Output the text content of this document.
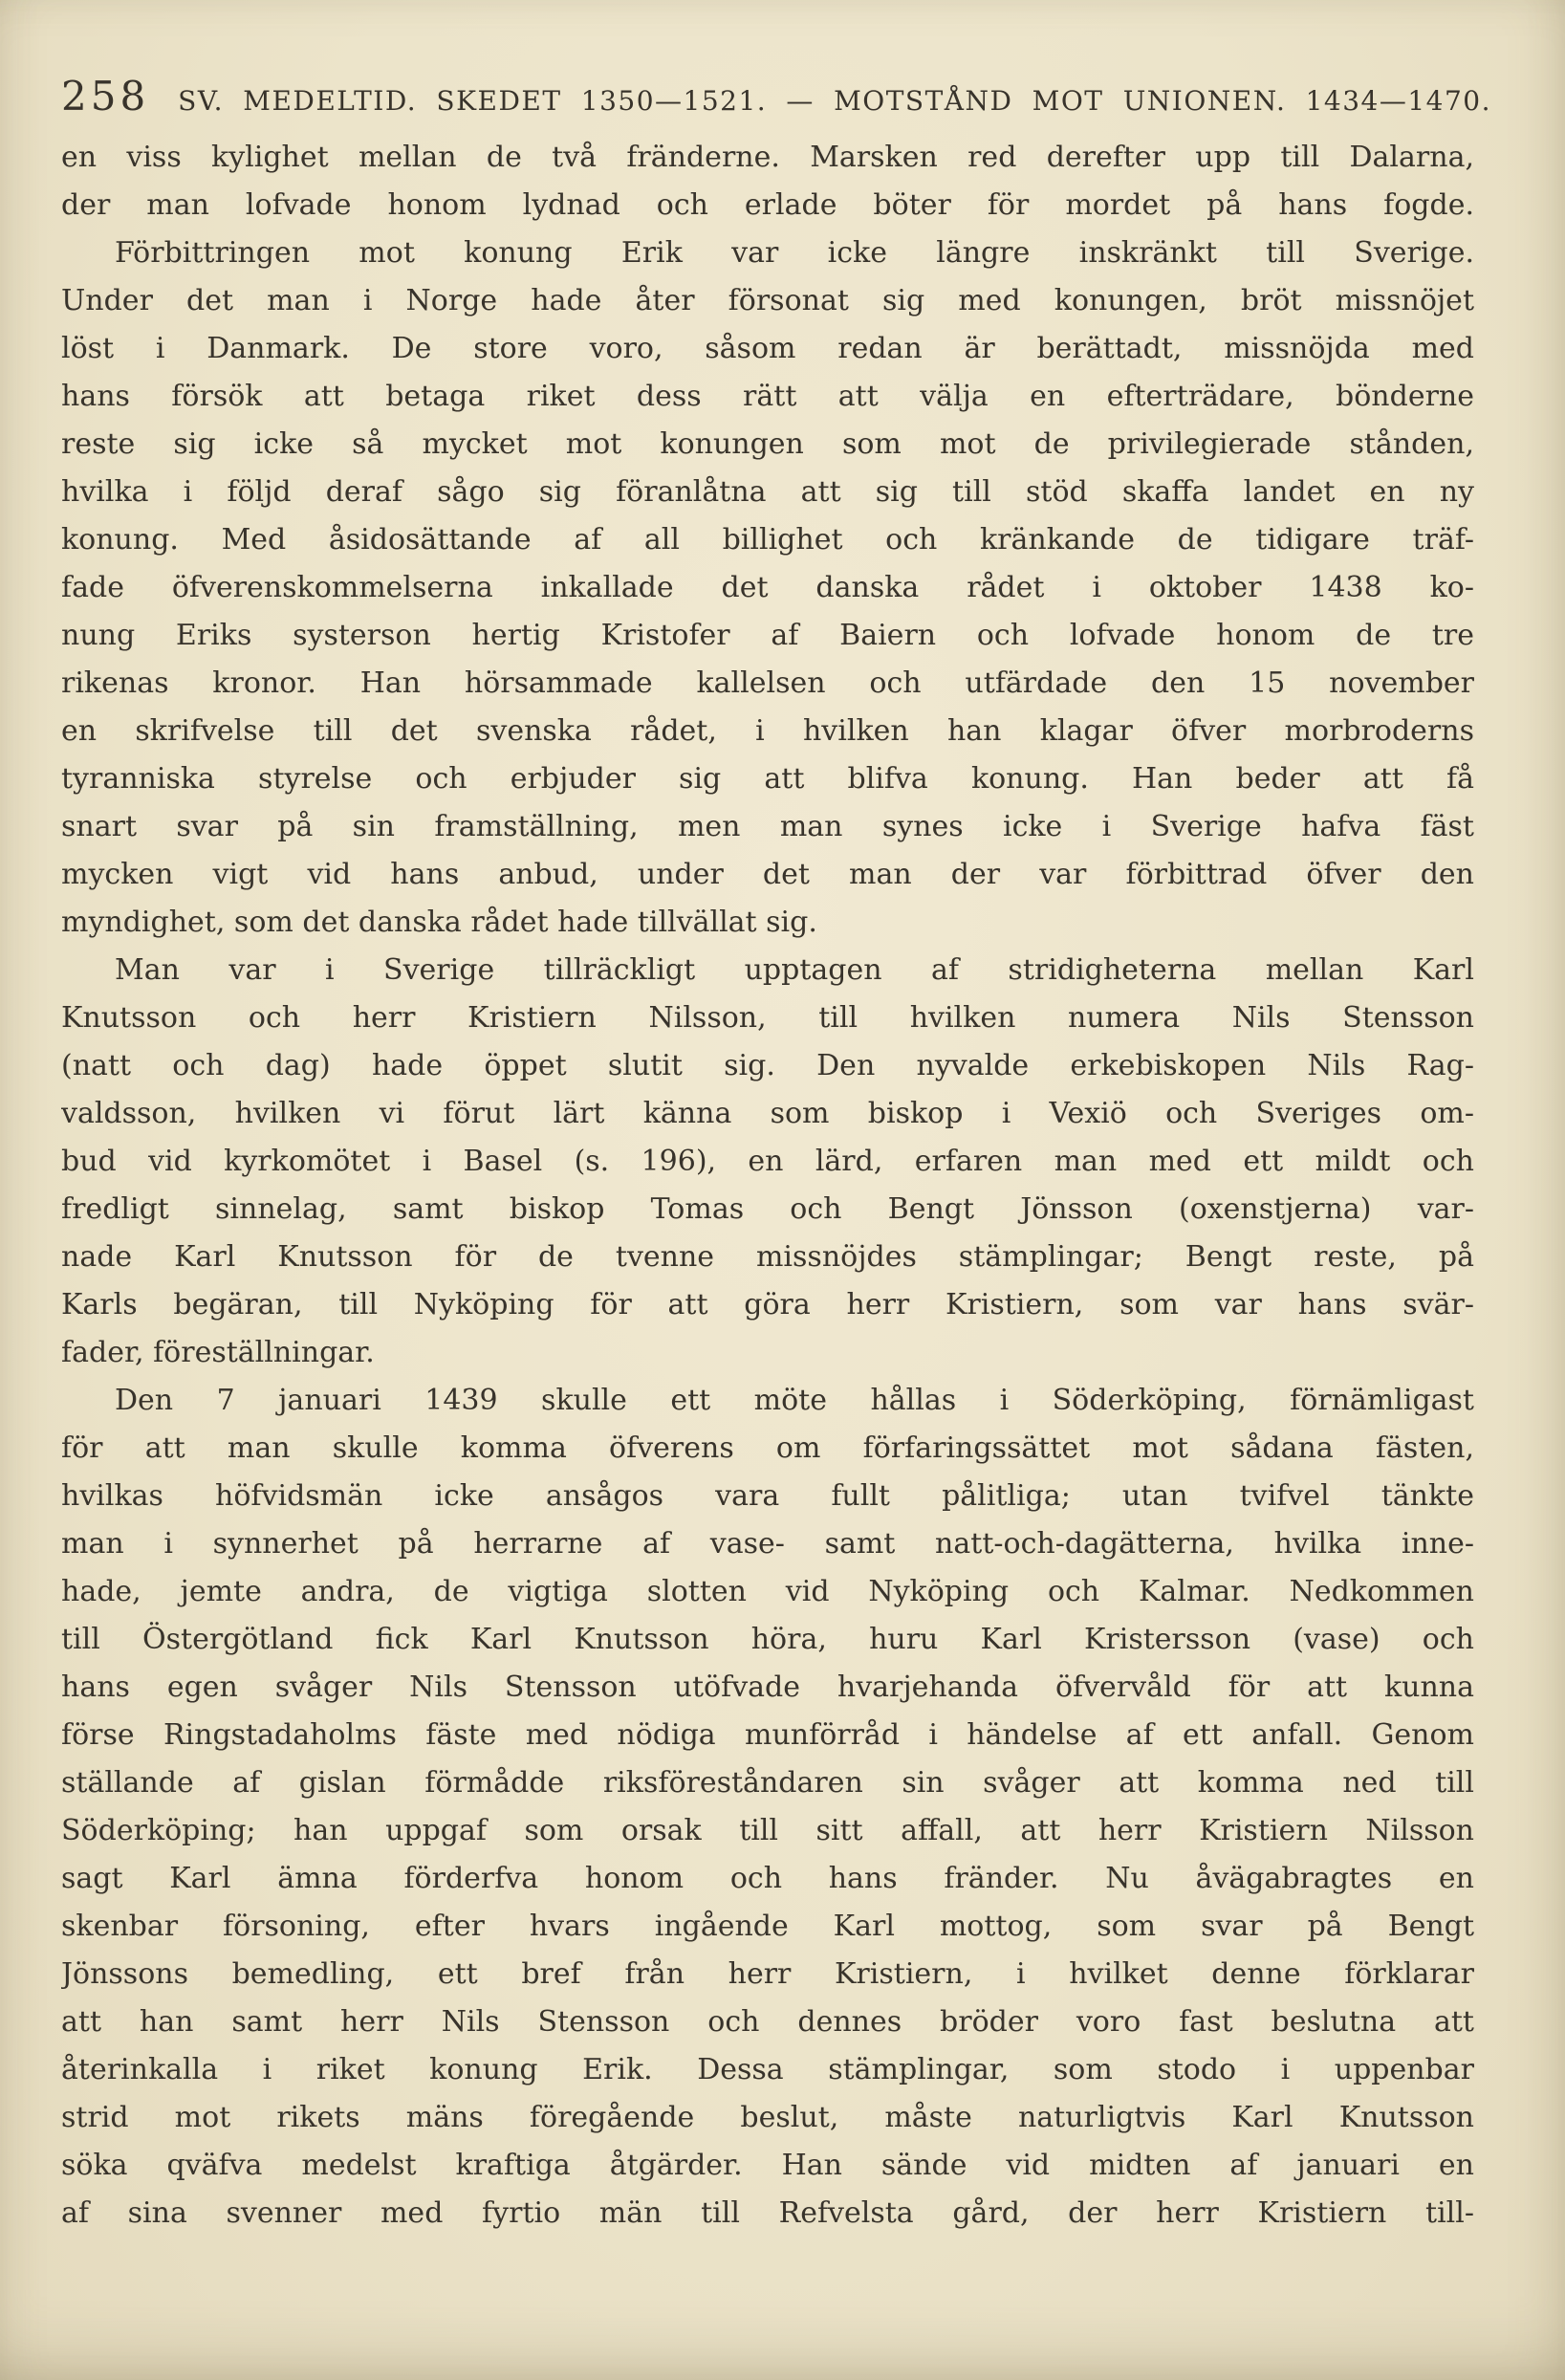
258 SV. MEDELTID. SKEDET 1350—1521. — MOTSTÅND MOT UNIONEN. 1434—1470.
en viss kylighet mellan de två fränderne. Marsken red derefter upp till Dalarna,
der man lofvade honom lydnad och erlade böter för mordet på hans fogde.
Förbittringen mot konung Erik var icke längre inskränkt till Sverige.
Under det man i Norge hade åter försonat sig med konungen, bröt missnöjet
löst i Danmark. De store voro, såsom redan är berättadt, missnöjda med
hans försök att betaga riket dess rätt att välja en efterträdare, bönderne
reste sig icke så mycket mot konungen som mot de privilegierade stånden,
hvilka i följd deraf sågo sig föranlåtna att sig till stöd skaffa landet en ny
konung. Med åsidosättande af all billighet och kränkande de tidigare träf-
fade öfverenskommelserna inkallade det danska rådet i oktober 1438 ko-
nung Eriks systerson hertig Kristofer af Baiern och lofvade honom de tre
rikenas kronor. Han hörsammade kallelsen och utfärdade den 15 november
en skrifvelse till det svenska rådet, i hvilken han klagar öfver morbroderns
tyranniska styrelse och erbjuder sig att blifva konung. Han beder att få
snart svar på sin framställning, men man synes icke i Sverige hafva fäst
mycken vigt vid hans anbud, under det man der var förbittrad öfver den
myndighet, som det danska rådet hade tillvällat sig.
Man var i Sverige tillräckligt upptagen af stridigheterna mellan Karl
Knutsson och herr Kristiern Nilsson, till hvilken numera Nils Stensson
(natt och dag) hade öppet slutit sig. Den nyvalde erkebiskopen Nils Rag-
valdsson, hvilken vi förut lärt känna som biskop i Vexiö och Sveriges om-
bud vid kyrkomötet i Basel (s. 196), en lärd, erfaren man med ett mildt och
fredligt sinnelag, samt biskop Tomas och Bengt Jönsson (oxenstjerna) var-
nade Karl Knutsson för de tvenne missnöjdes stämplingar; Bengt reste, på
Karls begäran, till Nyköping för att göra herr Kristiern, som var hans svär-
fader, föreställningar.
Den 7 januari 1439 skulle ett möte hållas i Söderköping, förnämligast
för att man skulle komma öfverens om förfaringssättet mot sådana fästen,
hvilkas höfvidsmän icke ansågos vara fullt pålitliga; utan tvifvel tänkte
man i synnerhet på herrarne af vase- samt natt-och-dagätterna, hvilka inne-
hade, jemte andra, de vigtiga slotten vid Nyköping och Kalmar. Nedkommen
till Östergötland fick Karl Knutsson höra, huru Karl Kristersson (vase) och
hans egen svåger Nils Stensson utöfvade hvarjehanda öfvervåld för att kunna
förse Ringstadaholms fäste med nödiga munförråd i händelse af ett anfall. Genom
ställande af gislan förmådde riksföreståndaren sin svåger att komma ned till
Söderköping; han uppgaf som orsak till sitt affall, att herr Kristiern Nilsson
sagt Karl ämna förderfva honom och hans fränder. Nu åvägabragtes en
skenbar försoning, efter hvars ingående Karl mottog, som svar på Bengt
Jönssons bemedling, ett bref från herr Kristiern, i hvilket denne förklarar
att han samt herr Nils Stensson och dennes bröder voro fast beslutna att
återinkalla i riket konung Erik. Dessa stämplingar, som stodo i uppenbar
strid mot rikets mäns föregående beslut, måste naturligtvis Karl Knutsson
söka qväfva medelst kraftiga åtgärder. Han sände vid midten af januari en
af sina svenner med fyrtio män till Refvelsta gård, der herr Kristiern till-
